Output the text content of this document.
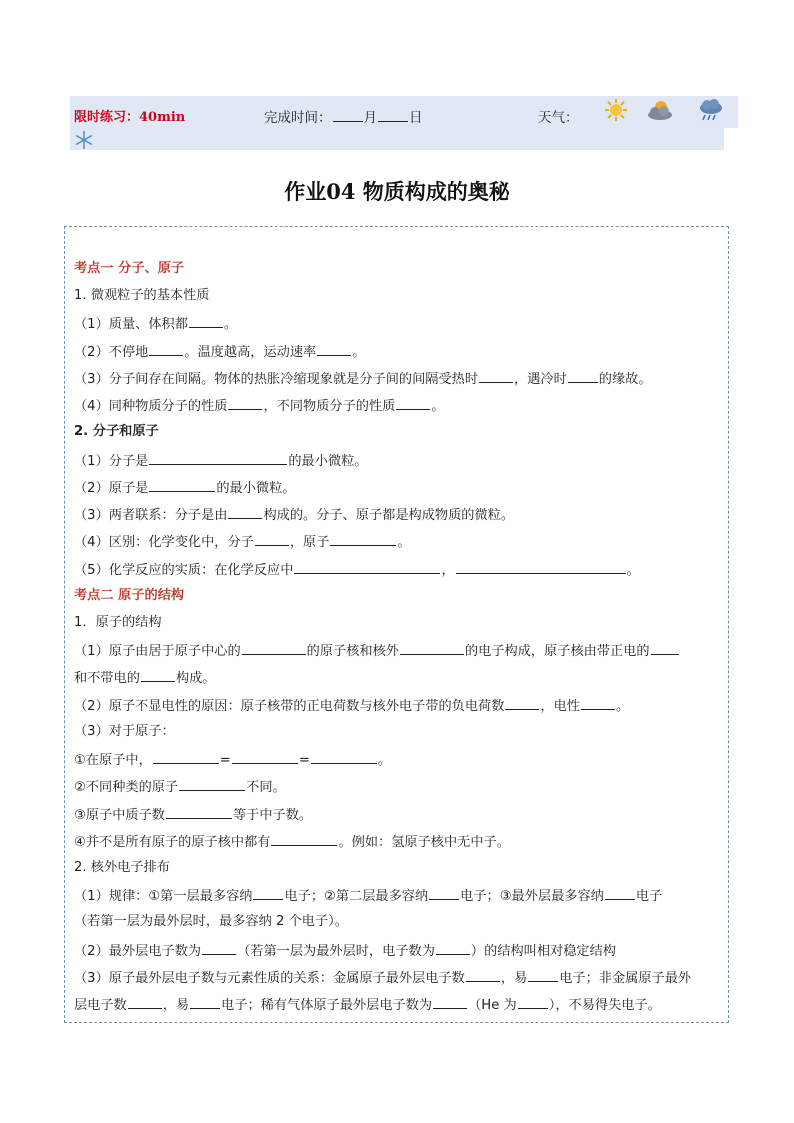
限时练习：40min	完成时间： 月 日	天气：
作业04 物质构成的奥秘
考点一 分子、原子
1. 微观粒子的基本性质
（1）质量、体积都	。
（2）不停地	。温度越高，运动速率	。
（3）分子间存在间隔。物体的热胀冷缩现象就是分子间的间隔受热时	，遇冷时 的缘故。
（4）同种物质分子的性质	，不同物质分子的性质	。
2. 分子和原子
（1）分子是	的最小微粒。
（2）原子是	的最小微粒。
（3）两者联系：分子是由	构成的。分子、原子都是构成物质的微粒。
（4）区别：化学变化中，分子	，原子	。
（5）化学反应的实质：在化学反应中	，	。
考点二 原子的结构
1．原子的结构
（1）原子由居于原子中心的	的原子核和核外	的电子构成，原子核由带正电的
和不带电的	构成。
（2）原子不显电性的原因：原子核带的正电荷数与核外电子带的负电荷数	，电性	。
（3）对于原子：
①在原子中，	=	=	。
②不同种类的原子	不同。
③原子中质子数	等于中子数。
④并不是所有原子的原子核中都有	。例如：氢原子核中无中子。
2. 核外电子排布
（1）规律：①第一层最多容纳 电子；②第二层最多容纳 电子；③最外层最多容纳 电子
（若第一层为最外层时，最多容纳 2 个电子）。
（2）最外层电子数为	（若第一层为最外层时，电子数为	）的结构叫相对稳定结构
（3）原子最外层电子数与元素性质的关系：金属原子最外层电子数	，易 电子；非金属原子最外
层电子数	，易 电子；稀有气体原子最外层电子数为	（He 为 ），不易得失电子。
